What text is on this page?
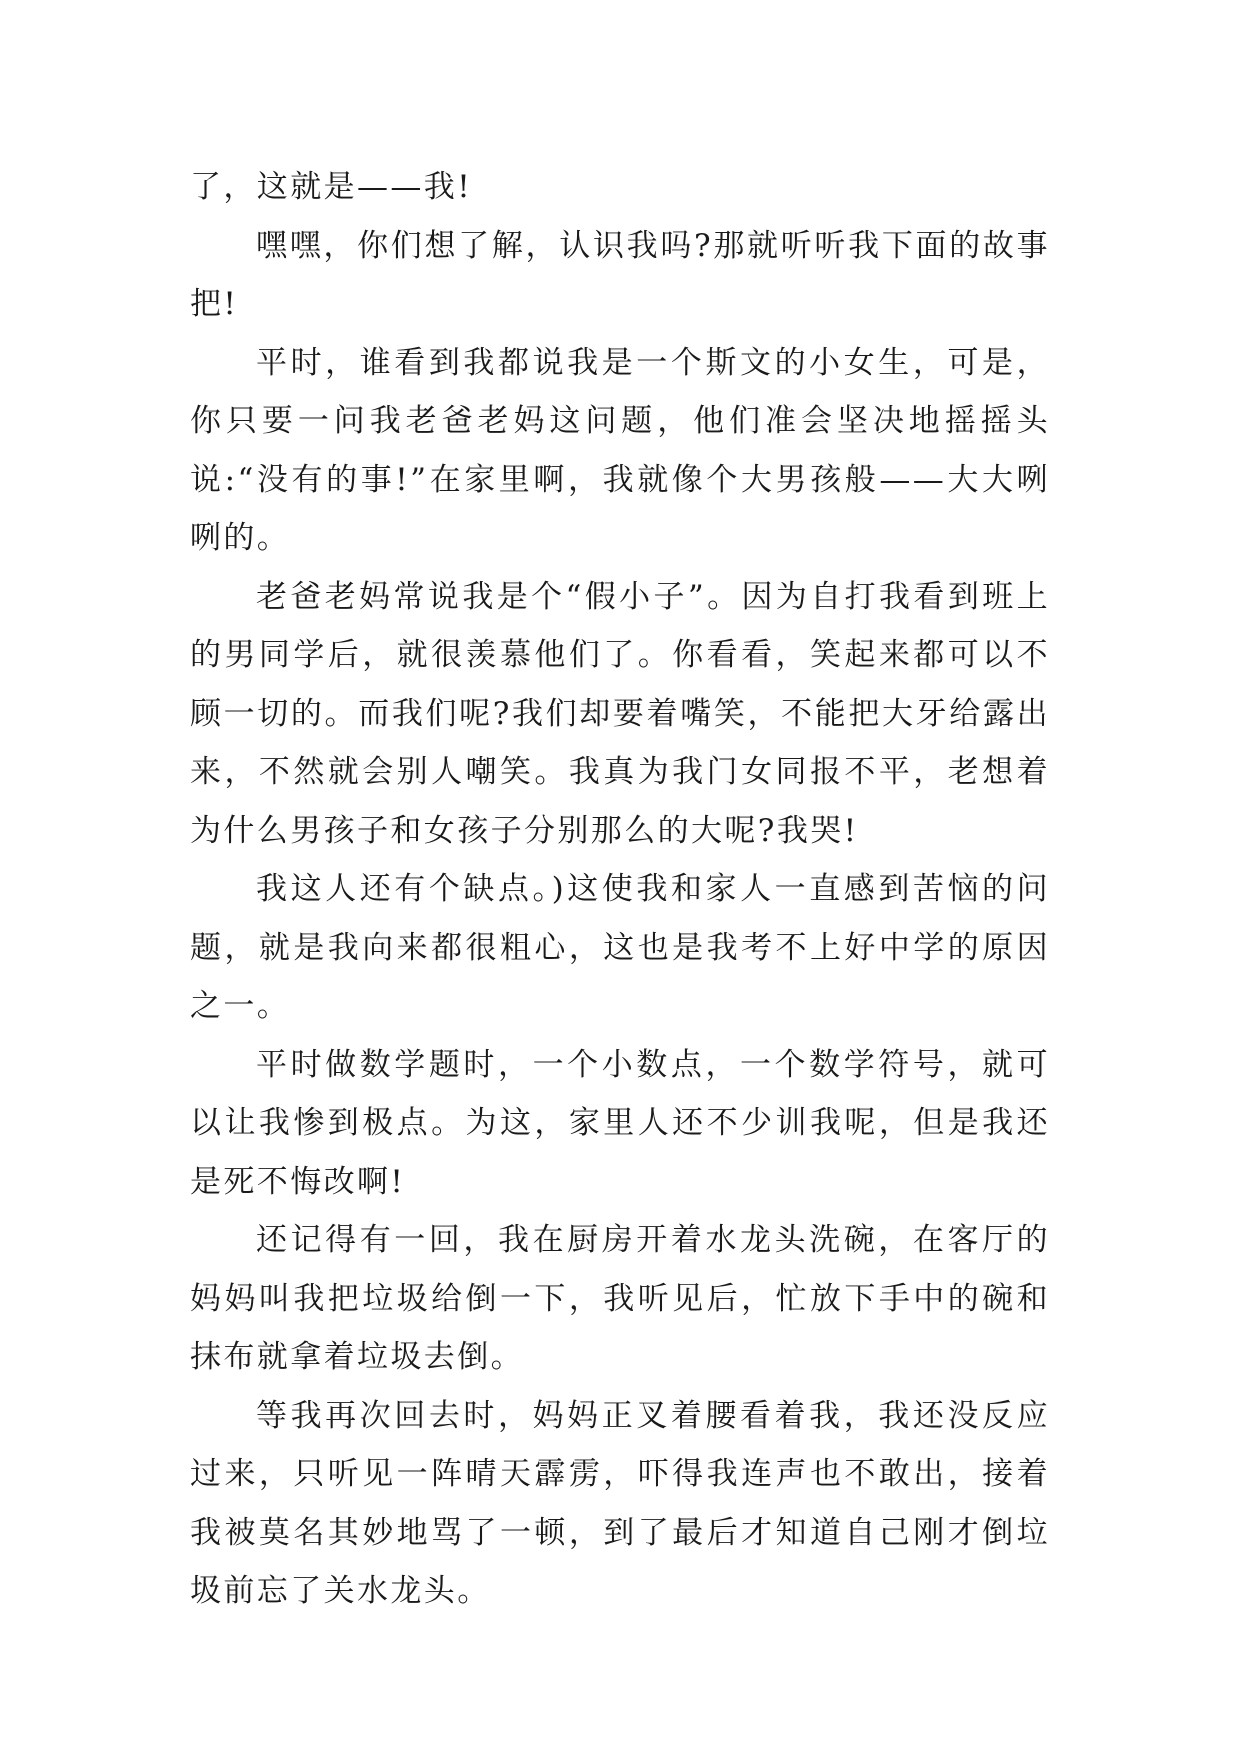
了，这就是——我!

嘿嘿，你们想了解，认识我吗?那就听听我下面的故事把!

平时，谁看到我都说我是一个斯文的小女生，可是，你只要一问我老爸老妈这问题，他们准会坚决地摇摇头说:“没有的事!”在家里啊，我就像个大男孩般——大大咧咧的。

老爸老妈常说我是个“假小子”。因为自打我看到班上的男同学后，就很羡慕他们了。你看看，笑起来都可以不顾一切的。而我们呢?我们却要着嘴笑，不能把大牙给露出来，不然就会别人嘲笑。我真为我门女同报不平，老想着为什么男孩子和女孩子分别那么的大呢?我哭!

我这人还有个缺点。)这使我和家人一直感到苦恼的问题，就是我向来都很粗心，这也是我考不上好中学的原因之一。

平时做数学题时，一个小数点，一个数学符号，就可以让我惨到极点。为这，家里人还不少训我呢，但是我还是死不悔改啊!

还记得有一回，我在厨房开着水龙头洗碗，在客厅的妈妈叫我把垃圾给倒一下，我听见后，忙放下手中的碗和抹布就拿着垃圾去倒。

等我再次回去时，妈妈正叉着腰看着我，我还没反应过来，只听见一阵晴天霹雳，吓得我连声也不敢出，接着我被莫名其妙地骂了一顿，到了最后才知道自己刚才倒垃圾前忘了关水龙头。
